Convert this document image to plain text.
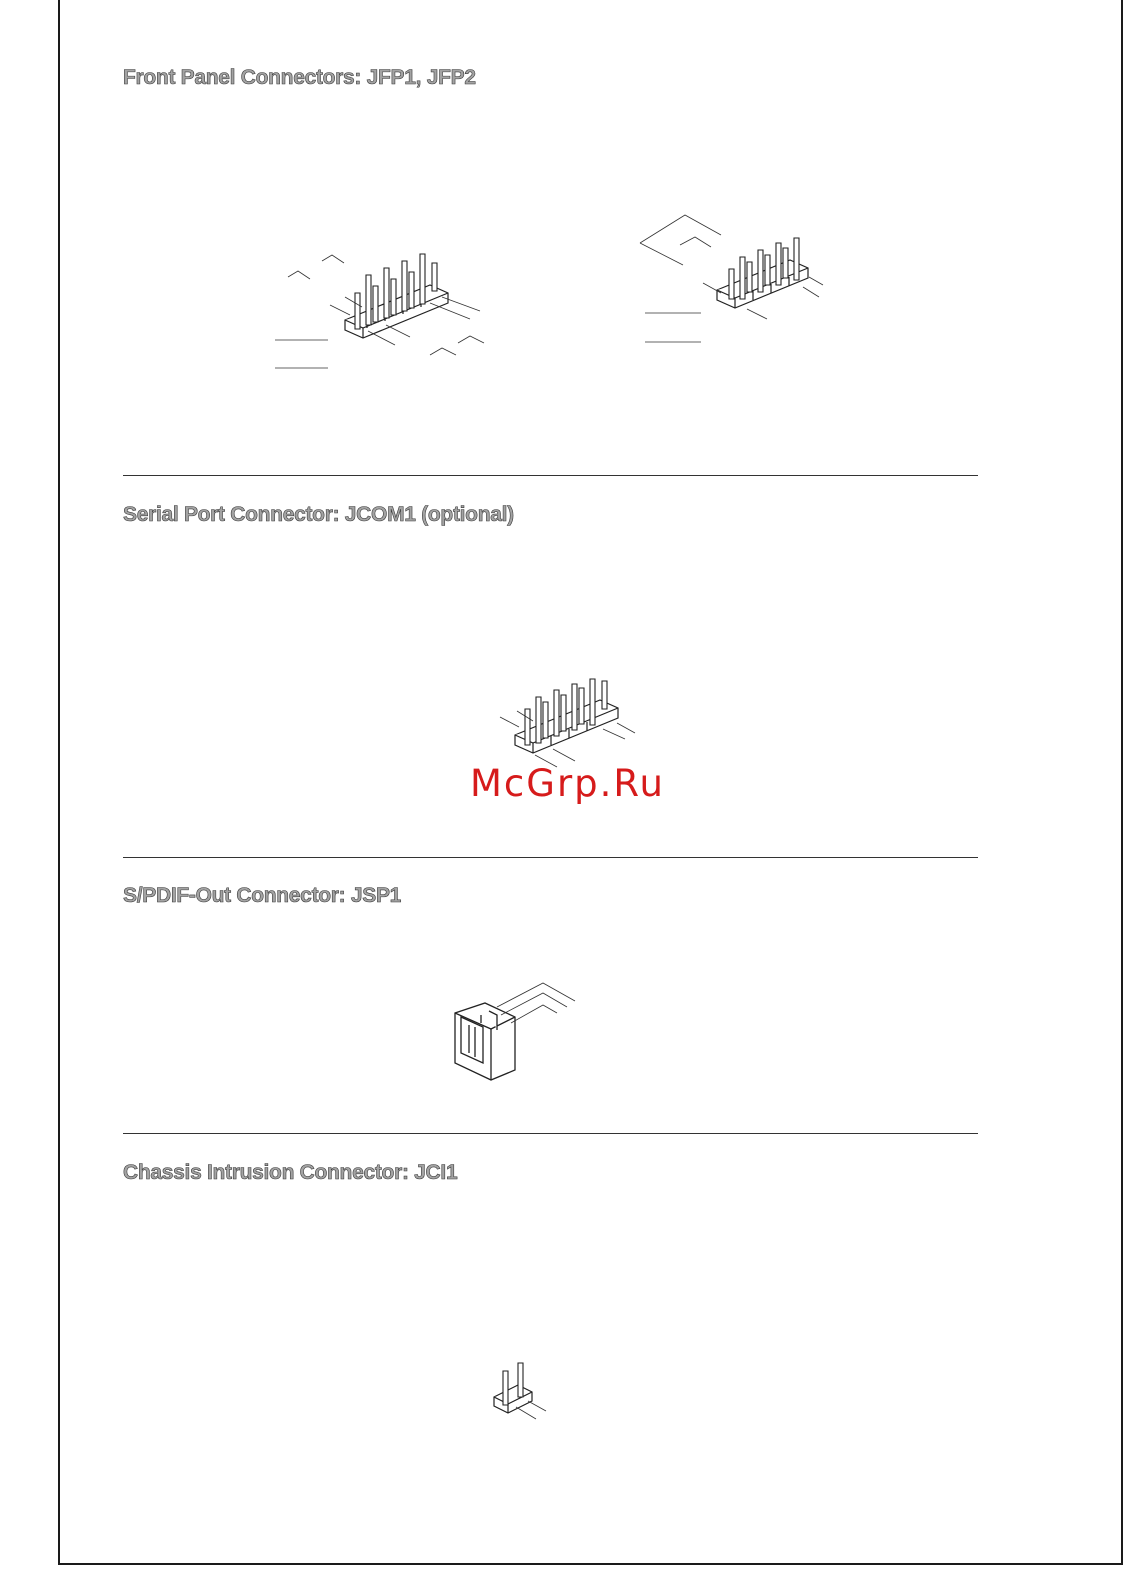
Front Panel Connectors: JFP1, JFP2
Serial Port Connector: JCOM1 (optional)
McGrp.Ru
S/PDIF-Out Connector: JSP1
Chassis Intrusion Connector: JCI1
